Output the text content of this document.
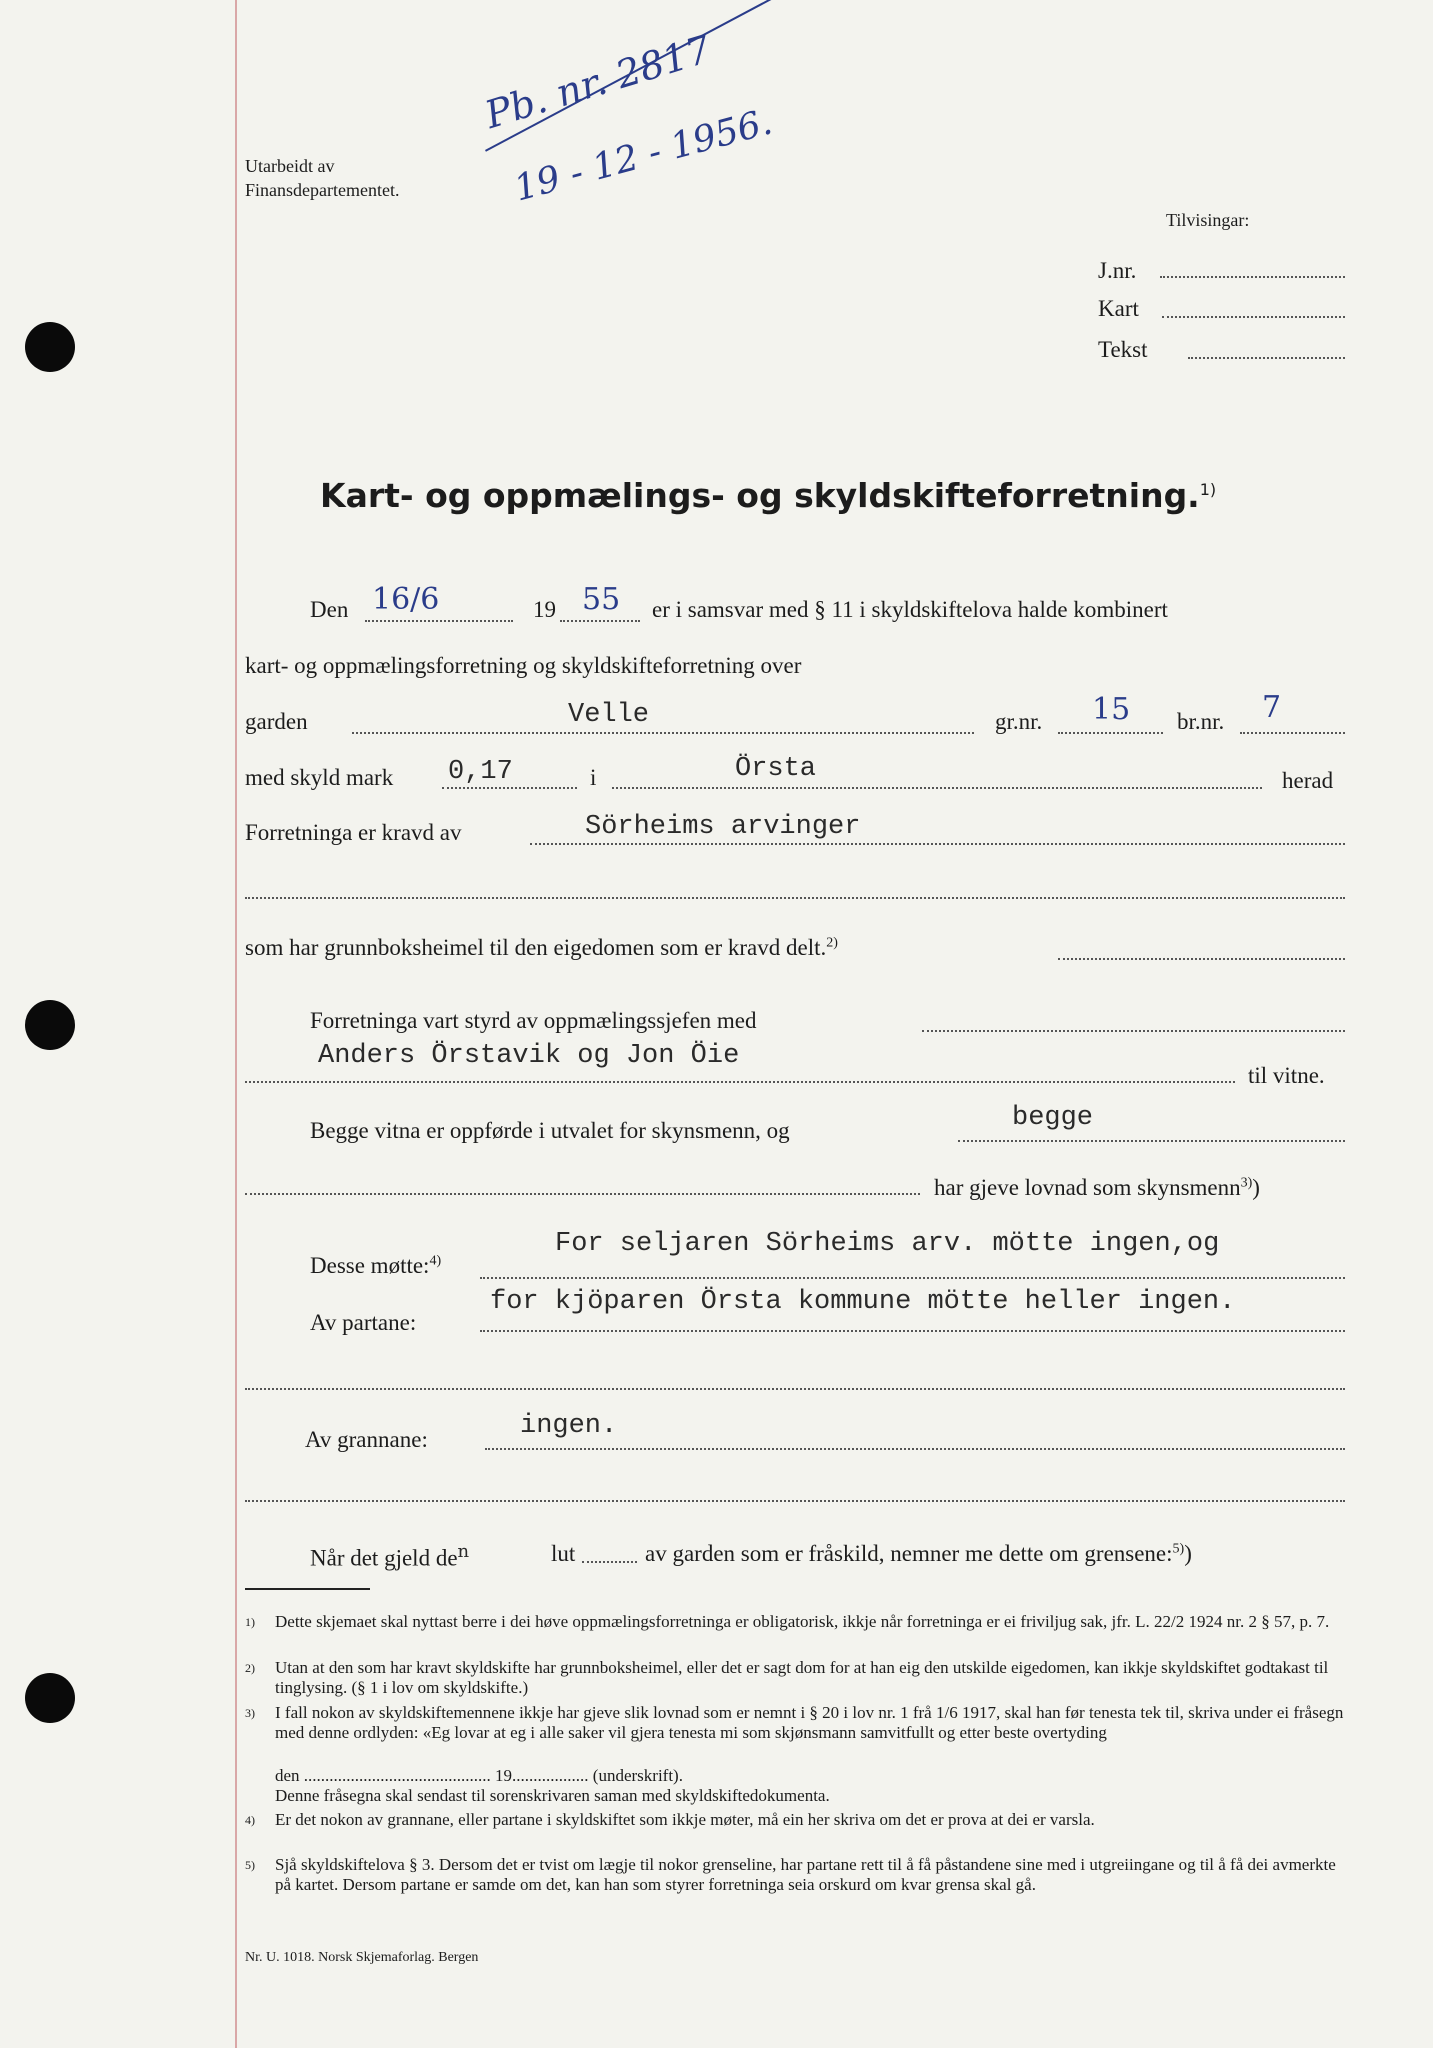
Utarbeidt av
Finansdepartementet.
Pb. nr. 2817
19 - 12 - 1956.
Tilvisingar:
J.nr.
Kart
Tekst
Kart- og oppmælings- og skyldskifteforretning.$^{1)}$
Den 16/6	19 55 er i samsvar med § 11 i skyldskiftelova halde kombinert
kart- og oppmælingsforretning og skyldskifteforretning over
garden	Velle	gr.nr. 15 br.nr. 7
med skyld mark 0,17	i	Örsta	herad
Forretninga er kravd av	Sörheims arvinger
som har grunnboksheimel til den eigedomen som er kravd delt.$^{2)}$
Forretninga vart styrd av oppmælingssjefen med
Anders Örstavik og Jon Öie
til vitne.
Begge vitna er oppførde i utvalet for skynsmenn, og	begge
har gjeve lovnad som skynsmenn$^{3)}$)
Desse møtte:$^{4)}$
For seljaren Sörheims arv. mötte ingen,og
Av partane:
for kjöparen Örsta kommune mötte heller ingen.
Av grannane:	ingen.
Når det gjeld $de^n$	lut	av garden som er fråskild, nemner me dette om grensene:$^{5)}$)
1) Dette skjemaet skal nyttast berre i dei høve oppmælingsforretninga er obligatorisk, ikkje når forretninga er ei friviljug sak, jfr. L. 22/2 1924 nr. 2 § 57, p. 7.
2) Utan at den som har kravt skyldskifte har grunnboksheimel, eller det er sagt dom for at han eig den utskilde eigedomen, kan ikkje skyldskiftet godtakast til tinglysing. (§ 1 i lov om skyldskifte.)
3) I fall nokon av skyldskiftemennene ikkje har gjeve slik lovnad som er nemnt i § 20 i lov nr. 1 frå 1/6 1917, skal han før tenesta tek til, skriva under ei fråsegn med denne ordlyden: «Eg lovar at eg i alle saker vil gjera tenesta mi som skjønsmann samvitfullt og etter beste overtyding
den ............................................ 19.................. (underskrift).
Denne fråsegna skal sendast til sorenskrivaren saman med skyldskiftedokumenta.
4) Er det nokon av grannane, eller partane i skyldskiftet som ikkje møter, må ein her skriva om det er prova at dei er varsla.
5) Sjå skyldskiftelova § 3. Dersom det er tvist om lægje til nokor grenseline, har partane rett til å få påstandene sine med i utgreiingane og til å få dei avmerkte på kartet. Dersom partane er samde om det, kan han som styrer forretninga seia orskurd om kvar grensa skal gå.
Nr. U. 1018. Norsk Skjemaforlag. Bergen
